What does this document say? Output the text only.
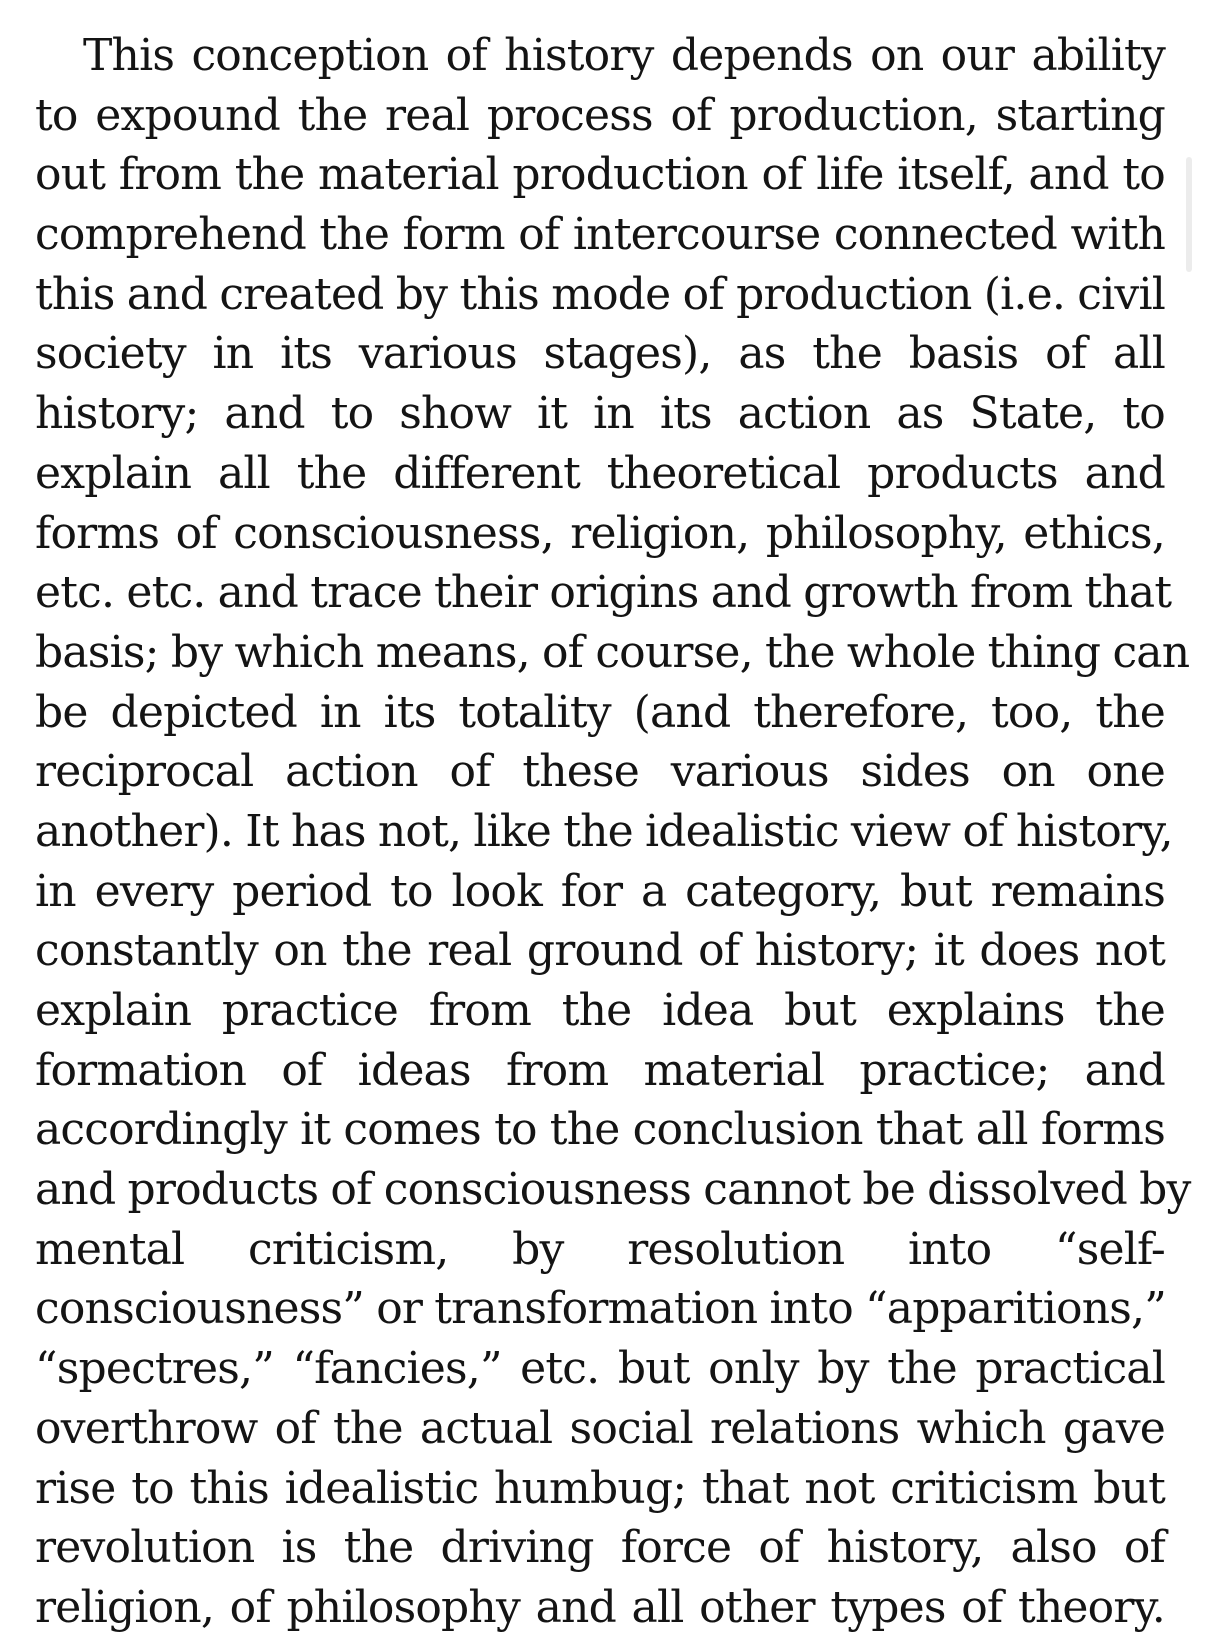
This conception of history depends on our ability
to expound the real process of production, starting
out from the material production of life itself, and to
comprehend the form of intercourse connected with
this and created by this mode of production (i.e. civil
society in its various stages), as the basis of all
history; and to show it in its action as State, to
explain all the different theoretical products and
forms of consciousness, religion, philosophy, ethics,
etc. etc. and trace their origins and growth from that
basis; by which means, of course, the whole thing can
be depicted in its totality (and therefore, too, the
reciprocal action of these various sides on one
another). It has not, like the idealistic view of history,
in every period to look for a category, but remains
constantly on the real ground of history; it does not
explain practice from the idea but explains the
formation of ideas from material practice; and
accordingly it comes to the conclusion that all forms
and products of consciousness cannot be dissolved by
mental criticism, by resolution into “self-
consciousness” or transformation into “apparitions,”
“spectres,” “fancies,” etc. but only by the practical
overthrow of the actual social relations which gave
rise to this idealistic humbug; that not criticism but
revolution is the driving force of history, also of
religion, of philosophy and all other types of theory.
